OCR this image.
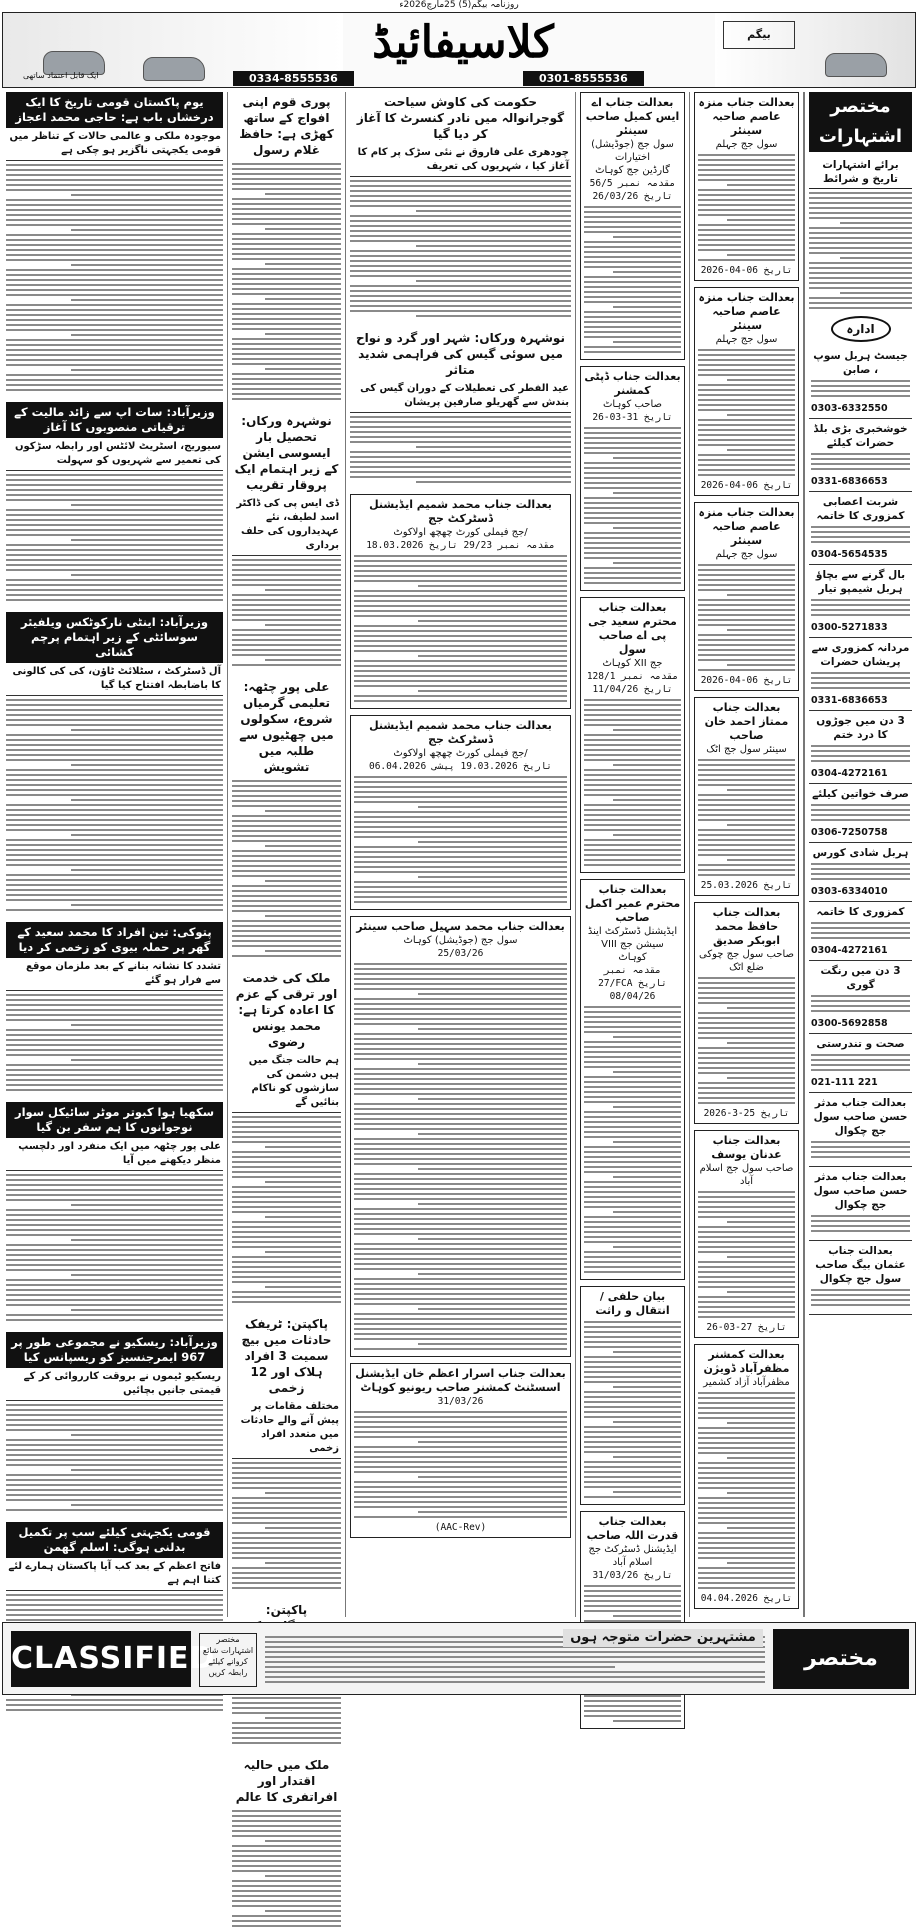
روزنامہ بیگم(5) 25مارچ2026ء
ایک قابل اعتماد ساتھی
بیگم
کلاسیفائیڈ
0334-8555536	0301-8555536
یوم پاکستان قومی تاریخ کا ایک درخشاں باب ہے: حاجی محمد اعجاز
موجودہ ملکی و عالمی حالات کے تناظر میں قومی یکجہتی ناگزیر ہو چکی ہے
وزیرآباد: سات اپ سے زائد مالیت کے ترقیاتی منصوبوں کا آغاز
سیوریج، اسٹریٹ لائٹس اور رابطہ سڑکوں کی تعمیر سے شہریوں کو سہولت
وزیرآباد: اینٹی نارکوٹکس ویلفیئر سوسائٹی کے زیر اہتمام پرچم کشائی
آل ڈسٹرکٹ ، سٹلائٹ ٹاؤن، کی کی کالونی کا باضابطہ افتتاح کیا گیا
پتوکی: تین افراد کا محمد سعید کے گھر پر حملہ بیوی کو زخمی کر دیا
تشدد کا نشانہ بنانے کے بعد ملزمان موقع سے فرار ہو گئے
سکھیا ہوا کبوتر موٹر سائیکل سوار نوجوانوں کا ہم سفر بن گیا
علی پور چٹھہ میں ایک منفرد اور دلچسپ منظر دیکھنے میں آیا
وزیرآباد: ریسکیو نے مجموعی طور پر 967 ایمرجنسیز کو ریسپانس کیا
ریسکیو ٹیموں نے بروقت کارروائی کر کے قیمتی جانیں بچائیں
قومی یکجہتی کیلئے سب پر تکمیل بدلنی ہوگی: اسلم گھمن
فاتح اعظم کے بعد کب آیا پاکستان ہمارے لئے کتنا اہم ہے
پوری قوم اپنی افواج کے ساتھ کھڑی ہے: حافظ غلام رسول
نوشہرہ ورکاں: تحصیل بار ایسوسی ایشن کے زیر اہتمام ایک پروقار تقریب
ڈی ایس پی کی ڈاکٹر اسد لطیف، نئے عہدیداروں کی حلف برداری
علی پور چٹھہ: تعلیمی گرمیاں شروع، سکولوں میں چھٹیوں سے طلبہ میں تشویش
ملک کی خدمت اور ترقی کے عزم کا اعادہ کرتا ہے: محمد یونس رضوی
ہم حالت جنگ میں ہیں دشمن کی سازشوں کو ناکام بنائیں گے
پاکپتن: ٹریفک حادثات میں بیچ سمیت 3 افراد ہلاک اور 12 زخمی
مختلف مقامات پر پیش آنے والے حادثات میں متعدد افراد زخمی
پاکپتن:
ملک میں حالیہ اقتدار اور افراتفری کا عالم
حکومت کی کاوش سیاحت گوجرانوالہ میں نادر کنسرٹ کا آغاز کر دیا گیا
چودھری علی فاروق نے نئی سڑک پر کام کا آغاز کیا ، شہریوں کی تعریف
نوشہرہ ورکاں: شہر اور گرد و نواح میں سوئی گیس کی فراہمی شدید متاثر
عید الفطر کی تعطیلات کے دوران گیس کی بندش سے گھریلو صارفین پریشان
بعدالت جناب محمد شمیم ایڈیشنل ڈسٹرکٹ جج
/جج فیملی کورٹ چھچھ اولاکوٹ
مقدمہ نمبر 29/23 تاریخ 18.03.2026
بعدالت جناب محمد شمیم ایڈیشنل ڈسٹرکٹ جج
/جج فیملی کورٹ چھچھ اولاکوٹ
تاریخ 19.03.2026 پیشی 06.04.2026
بعدالت جناب محمد سہیل صاحب سینئر
سول جج (جوڈیشل) کوہاٹ
25/03/26
بعدالت جناب اسرار اعظم خان ایڈیشنل اسسٹنٹ کمشنر صاحب ریونیو کوہاٹ
31/03/26
(AAC-Rev)
بعدالت جناب اے ایس کمیل صاحب سینئر
سول جج (جوڈیشل) اختیارات
گارڈین جج کوہاٹ
مقدمہ نمبر 56/5 تاریخ 26/03/26
بعدالت جناب ڈپٹی کمشنر
صاحب کوہاٹ
تاریخ 31-03-26
بعدالت جناب محترم سعید جی پی اے صاحب سول
جج XII کوہاٹ
مقدمہ نمبر 128/1 تاریخ 11/04/26
بعدالت جناب محترم عمیر اکمل صاحب
ایڈیشنل ڈسٹرکٹ اینڈ سیشن جج VIII
کوہاٹ
مقدمہ نمبر 27/FCA تاریخ 08/04/26
بیان حلفی / انتقال و راثت
بعدالت جناب قدرت اللہ صاحب
ایڈیشنل ڈسٹرکٹ جج اسلام آباد
تاریخ 31/03/26
بعدالت جناب منزہ عاصم صاحبہ سینئر
سول جج جہلم
تاریخ 06-04-2026
بعدالت جناب منزہ عاصم صاحبہ سینئر
سول جج جہلم
تاریخ 06-04-2026
بعدالت جناب منزہ عاصم صاحبہ سینئر
سول جج جہلم
تاریخ 06-04-2026
بعدالت جناب ممتاز احمد خان صاحب
سینئر سول جج اٹک
تاریخ 25.03.2026
بعدالت جناب حافظ محمد ابوبکر صدیق
صاحب سول جج چوکی ضلع اٹک
تاریخ 25-3-2026
بعدالت جناب عدنان یوسف
صاحب سول جج اسلام آباد
تاریخ 27-03-26
بعدالت کمشنر مظفرآباد ڈویژن
مظفرآباد آزاد کشمیر
تاریخ 04.04.2026
مختصر اشتہارات
برائے اشتہارات تاریخ و شرائط
ادارہ
جیسٹ ہربل سوپ ، صابن
0303-6332550
خوشخبری بڑی بلڈ حضرات کیلئے
0331-6836653
شربت اعصابی کمزوری کا خاتمہ
0304-5654535
بال گرنے سے بچاؤ ہربل شیمپو تیار
0300-5271833
مردانہ کمزوری سے پریشان حضرات
0331-6836653
3 دن میں جوڑوں کا درد ختم
0304-4272161
صرف خواتین کیلئے
0306-7250758
ہربل شادی کورس
0303-6334010
کمزوری کا خاتمہ
0304-4272161
3 دن میں رنگت گوری
0300-5692858
صحت و تندرستی
021-111 221
بعدالت جناب مدثر حسن صاحب سول جج چکوال
بعدالت جناب مدثر حسن صاحب سول جج چکوال
بعدالت جناب عثمان بیگ صاحب سول جج چکوال
CLASSIFIED
مختصر اشتہارات شائع کروانے کیلئے رابطہ کریں
مشتہرین حضرات متوجہ ہوں
مختصر اشتہارات
